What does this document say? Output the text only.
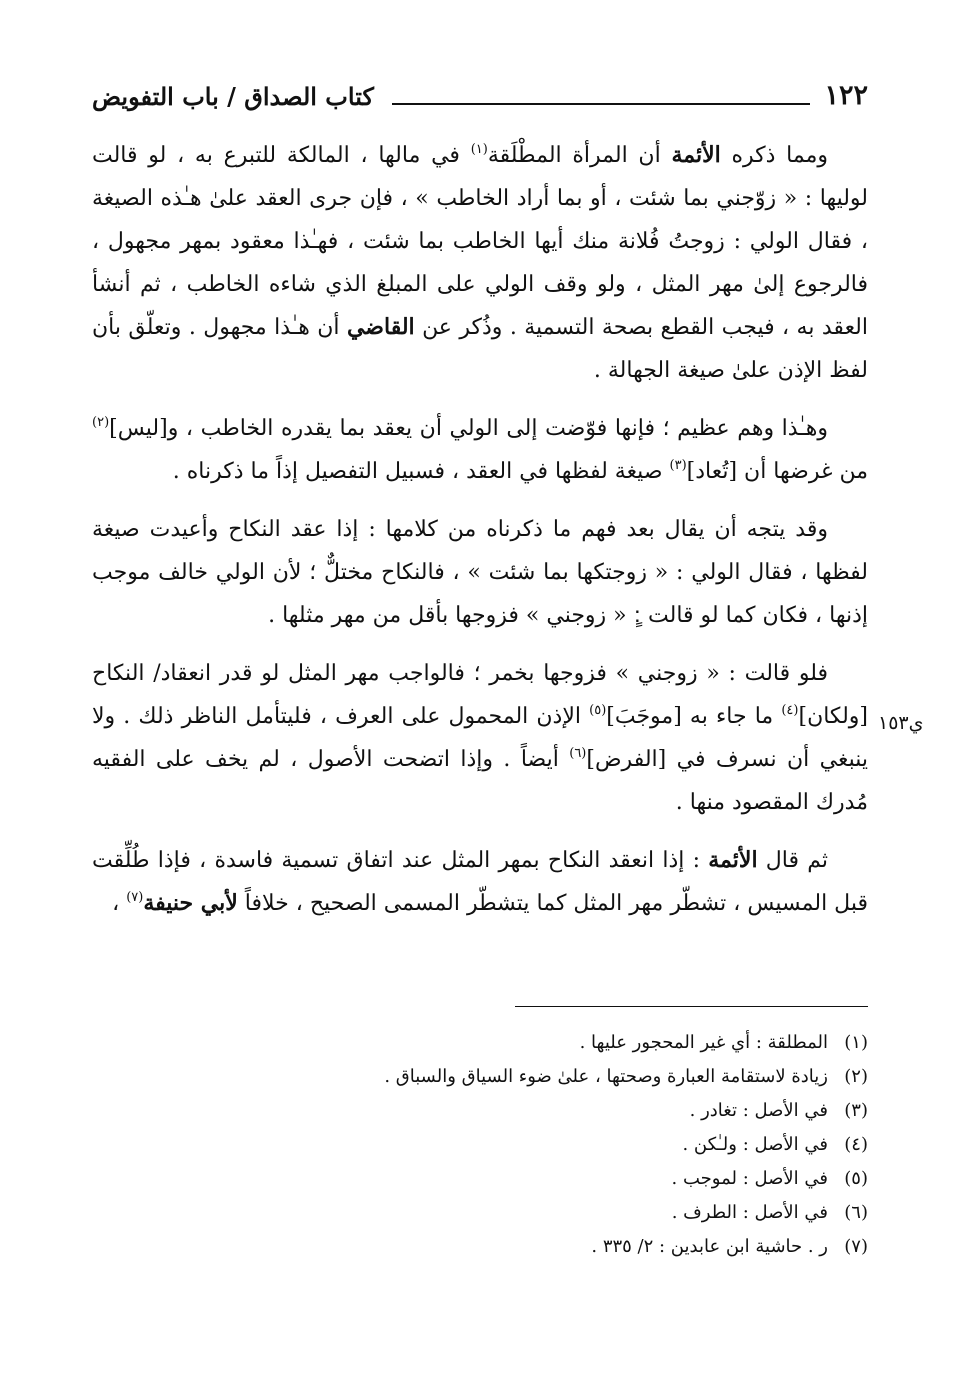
١٢٢
كتاب الصداق / باب التفويض
ي١٥٣

ومما ذكره الأئمة أن المرأة المطْلَقة$^{(١)}$ في مالها ، المالكة للتبرع به ، لو قالت لوليها : « زوّجني بما شئت ، أو بما أراد الخاطب » ، فإن جرى العقد علىٰ هـٰذه الصيغة ، فقال الولي : زوجتُ فُلانة منك أيها الخاطب بما شئت ، فهـٰذا معقود بمهر مجهول ، فالرجوع إلىٰ مهر المثل ، ولو وقف الولي على المبلغ الذي شاءه الخاطب ، ثم أنشأ العقد به ، فيجب القطع بصحة التسمية . وذُكر عن القاضي أن هـٰذا مجهول . وتعلّق بأن لفظ الإذن علىٰ صيغة الجهالة .

وهـٰذا وهم عظيم ؛ فإنها فوّضت إلى الولي أن يعقد بما يقدره الخاطب ، و[ليس]$^{(٢)}$ من غرضها أن [تُعاد]$^{(٣)}$ صيغة لفظها في العقد ، فسبيل التفصيل إذاً ما ذكرناه .

وقد يتجه أن يقال بعد فهم ما ذكرناه من كلامها : إذا عقد النكاح وأعيدت صيغة لفظها ، فقال الولي : « زوجتكها بما شئت » ، فالنكاح مختلٌّ ؛ لأن الولي خالف موجب إذنها ، فكان كما لو قالت :ٍ « زوجني » فزوجها بأقل من مهر مثلها .

فلو قالت : « زوجني » فزوجها بخمر ؛ فالواجب مهر المثل لو قدر انعقاد/ النكاح [ولكان]$^{(٤)}$ ما جاء به [موجَبَ]$^{(٥)}$ الإذن المحمول على العرف ، فليتأمل الناظر ذلك . ولا ينبغي أن نسرف في [الفرض]$^{(٦)}$ أيضاً . وإذا اتضحت الأصول ، لم يخف على الفقيه مُدرك المقصود منها .

ثم قال الأئمة : إذا انعقد النكاح بمهر المثل عند اتفاق تسمية فاسدة ، فإذا طُلِّقت قبل المسيس ، تشطّر مهر المثل كما يتشطّر المسمى الصحيح ، خلافاً لأبي حنيفة$^{(٧)}$ ،

(١)
المطلقة : أي غير المحجور عليها .
(٢)
زيادة لاستقامة العبارة وصحتها ، علىٰ ضوء السياق والسباق .
(٣)
في الأصل : تغادر .
(٤)
في الأصل : ولـٰكن .
(٥)
في الأصل : لموجب .
(٦)
في الأصل : الطرف .
(٧)
ر . حاشية ابن عابدين : ٢/ ٣٣٥ .
